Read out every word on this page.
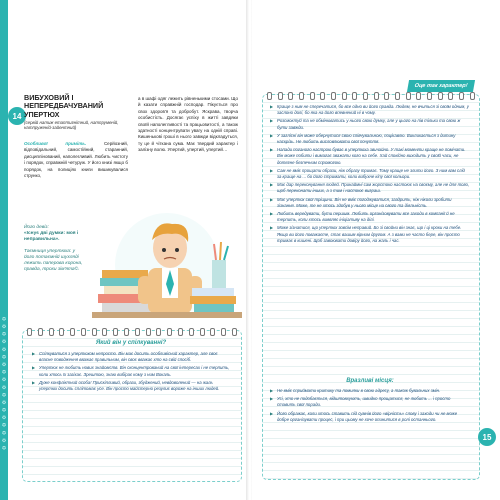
✿ ✿ ✿ ✿ ✿ ✿ ✿ ✿ ✿ ✿ ✿ ✿ ✿ ✿ ✿ ✿ ✿ ✿
14
ВИБУХОВИЙ І НЕПЕРЕДБАЧУВАНИЙ УПЕРТЮХ
(сервій натиж етаптигнітний, натпруменій, натпруженій-зайентний)
Особливої приміть.	Серйозний, відповідальний, самостійний, старанний, дисциплінований, наполегливий. Любить чистоту і порядок, справжній четуруж. У його книзі якщо б порядок, на полиціях книги вишикувалися струнко,
а в шафі одяг лежить рівненькими стосами. Що й казати справжній господар. Пікується про свох здоров'я та добробут. Яскрава, творча особистість. Досягає успіху в житті завдяки своїй наполегливості та працьовитості, а також здатності концентрувати увагу на одній справі. Кишенькові гроші в нього завжди відкладуться, ту це й чіткана сума. Має твердий характер і залізну волю. Упертий, упертий, упертий…
Його девіз:
«Існує дві думки: моя і неправильна».
Таємниця упертюха: у його потаємній шухляді лежить паперова корона, правда, трохи зім'ята©.
Який він у спілкуванні?
▶ Спілкуватися з упертюхом непросто. Він має досить особливісний характер, але своє власне поводження вважає правильним, він своє вважає хто на свій спосіб.
▶ Упертюх не любить нових знайомств. Він сконцентрований на свої інтересах і не терпить, коли хтось їх зазіхає. Зрештою, знаю вибірає кому з ним Вокаль.
▶ Дуже конфліктний особа! Прискіпливий, образи, збуджений, невдоволений — на жаль упертюх досить сплітомає усе. Він просто майстерно резулиє вороже на інших людей.
Оце так характер!
▶ Краще з ним не сперечатися, бо все одно ви його правда. Людям, не вчиться зі своїм одним, у заслоно долі, бо яка на його впевнений ні в чому.
▶ Розсмоктуй та не обмінюватись у нього свою думку, але у цього на пів тільки та свою ж бути завжди.
▶ У заглісні він може обернутися свою співчувальною, поцікавлю. Викликається з дитину наскрізь. Не любить висловлювати свої почуття.
▶ Напади поганого настрою буває в упертюха звичайно. У такі моменти краще не помічати. Він може побити і вимагає зважати кого на себе. Хай спокійно виходить у своїй часи, не дотягне безпечним спромогою.
▶ Сам не вміє прощати образи, ніж образу тримає. Тому краще не злити його. З ним вам слід за краще на ... бо його стримати, коли вибухне кіпу свої кольори.
▶ Має дар переконування людей. Принаймні сам жорстоко настоює на своєму, але не для того, щоб переконати інших, а з тим і настоює виграш.
▶ Має упертюх свої тріщини. Він не вміє погоджуватися, заздрить, ніж ніколи зробити зізнання. Може, те не хтось здобув у нього місце на свого та діяльність.
▶ Любить вередувати, бути першим. Любить організовувати все заходи в компанії й не терпить, коли хтось виявляє ініціативу на ділі.
▶ Може зізнатися, що упертюх зовсім неправий. Бо зі свойни він знає, що і ці кроки на тебе. Якщо ви його поважаєте, стає вашим вірним другом. А з вами не часто бере, він просто тримає в кишені. Щоб завоювати довіру його, на жаль і час.
Вразливі місця:
▶ Не вміє сприймати критику та помилки в свою адресу, а також бувальних змін.
▶ Усі, хто не подобається, відштовхують, швидко прощатися, не любить ... і просто ставить свої поради.
▶ Його ображає, коли хтось ставить під сумнів його «вірність» слову і заходи чи не може добре організувати процес, і при цьому не хоче опинитися в ролі останнього.
15
